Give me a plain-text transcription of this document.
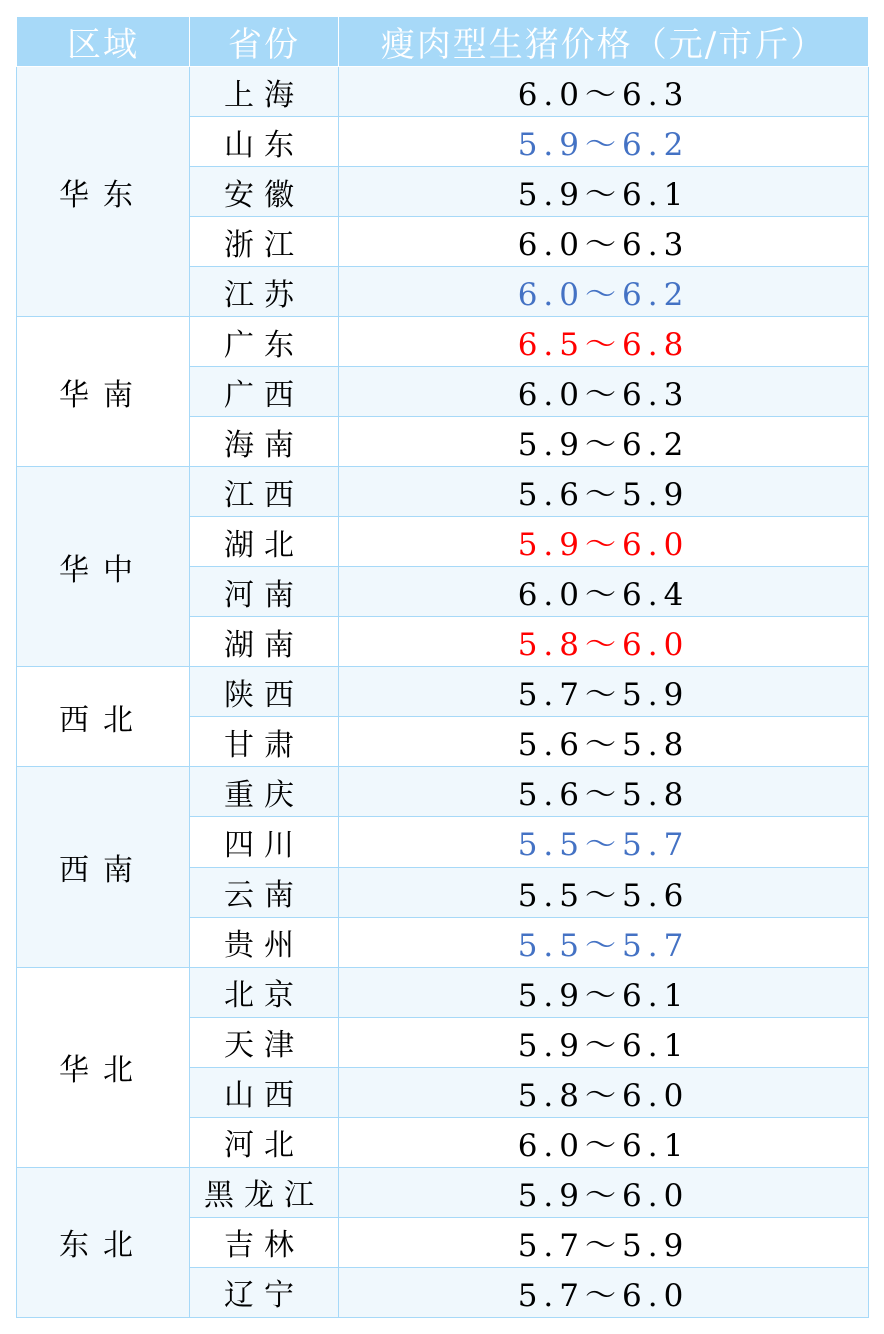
区域	省份	瘦肉型生猪价格（元/市斤）
华东	上海	6.0～6.3
	山东	5.9～6.2
	安徽	5.9～6.1
	浙江	6.0～6.3
	江苏	6.0～6.2
华南	广东	6.5～6.8
	广西	6.0～6.3
	海南	5.9～6.2
华中	江西	5.6～5.9
	湖北	5.9～6.0
	河南	6.0～6.4
	湖南	5.8～6.0
西北	陕西	5.7～5.9
	甘肃	5.6～5.8
西南	重庆	5.6～5.8
	四川	5.5～5.7
	云南	5.5～5.6
	贵州	5.5～5.7
华北	北京	5.9～6.1
	天津	5.9～6.1
	山西	5.8～6.0
	河北	6.0～6.1
东北	黑龙江	5.9～6.0
	吉林	5.7～5.9
	辽宁	5.7～6.0
